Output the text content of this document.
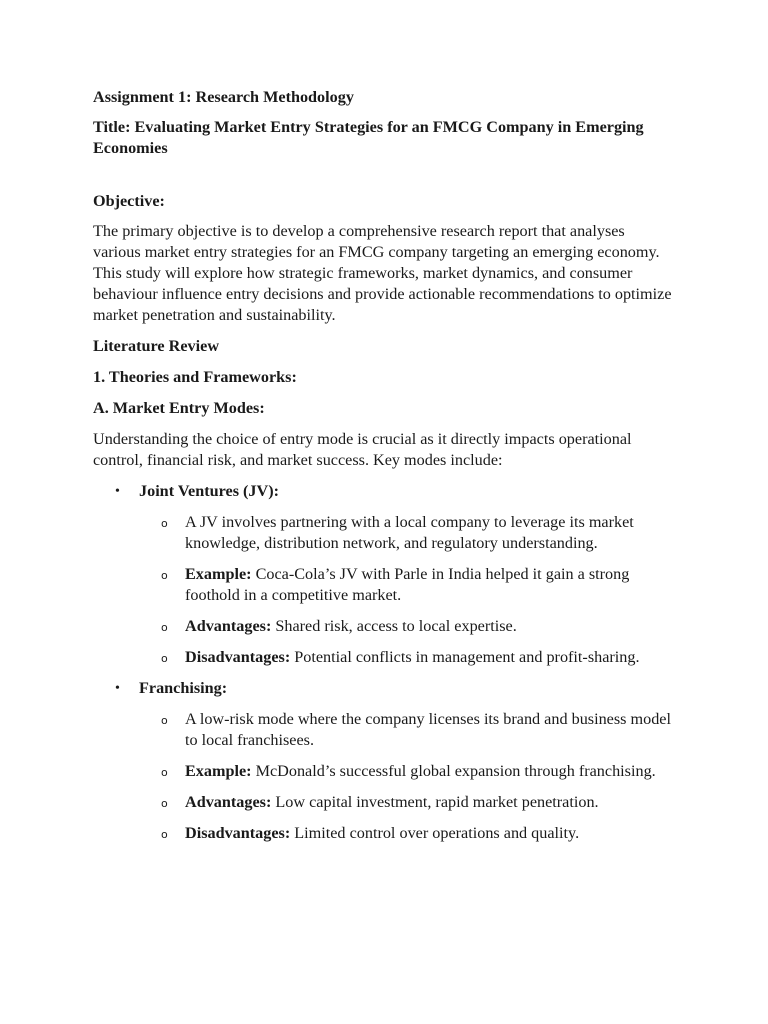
Assignment 1: Research Methodology

Title: Evaluating Market Entry Strategies for an FMCG Company in Emerging Economies

Objective:

The primary objective is to develop a comprehensive research report that analyses various market entry strategies for an FMCG company targeting an emerging economy. This study will explore how strategic frameworks, market dynamics, and consumer behaviour influence entry decisions and provide actionable recommendations to optimize market penetration and sustainability.

Literature Review

1. Theories and Frameworks:

A. Market Entry Modes:

Understanding the choice of entry mode is crucial as it directly impacts operational control, financial risk, and market success. Key modes include:

• Joint Ventures (JV):
o A JV involves partnering with a local company to leverage its market knowledge, distribution network, and regulatory understanding.
o Example: Coca-Cola’s JV with Parle in India helped it gain a strong foothold in a competitive market.
o Advantages: Shared risk, access to local expertise.
o Disadvantages: Potential conflicts in management and profit-sharing.
• Franchising:
o A low-risk mode where the company licenses its brand and business model to local franchisees.
o Example: McDonald’s successful global expansion through franchising.
o Advantages: Low capital investment, rapid market penetration.
o Disadvantages: Limited control over operations and quality.
